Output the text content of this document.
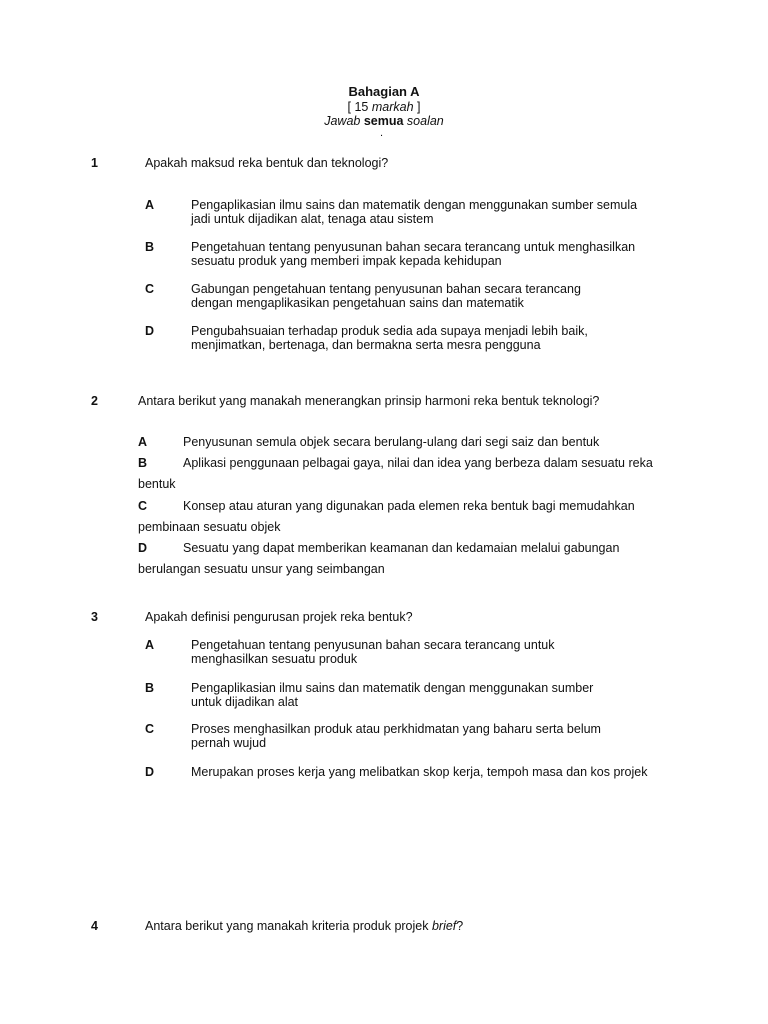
Bahagian A
[ 15 markah ]
Jawab semua soalan
.
1	Apakah maksud reka bentuk dan teknologi?
A	Pengaplikasian ilmu sains dan matematik dengan menggunakan sumber semula
jadi untuk dijadikan alat, tenaga atau sistem
B	Pengetahuan tentang penyusunan bahan secara terancang untuk menghasilkan
sesuatu produk yang memberi impak kepada kehidupan
C	Gabungan pengetahuan tentang penyusunan bahan secara terancang
dengan mengaplikasikan pengetahuan sains dan matematik
D	Pengubahsuaian terhadap produk sedia ada supaya menjadi lebih baik,
menjimatkan, bertenaga, dan bermakna serta mesra pengguna
2	Antara berikut yang manakah menerangkan prinsip harmoni reka bentuk teknologi?
A	Penyusunan semula objek secara berulang-ulang dari segi saiz dan bentuk
B	Aplikasi penggunaan pelbagai gaya, nilai dan idea yang berbeza dalam sesuatu reka
bentuk
C	Konsep atau aturan yang digunakan pada elemen reka bentuk bagi memudahkan
pembinaan sesuatu objek
D	Sesuatu yang dapat memberikan keamanan dan kedamaian melalui gabungan
berulangan sesuatu unsur yang seimbangan
3	Apakah definisi pengurusan projek reka bentuk?
A	Pengetahuan tentang penyusunan bahan secara terancang untuk
menghasilkan sesuatu produk
B	Pengaplikasian ilmu sains dan matematik dengan menggunakan sumber
untuk dijadikan alat
C	Proses menghasilkan produk atau perkhidmatan yang baharu serta belum
pernah wujud
D	Merupakan proses kerja yang melibatkan skop kerja, tempoh masa dan kos projek
4	Antara berikut yang manakah kriteria produk projek brief?
